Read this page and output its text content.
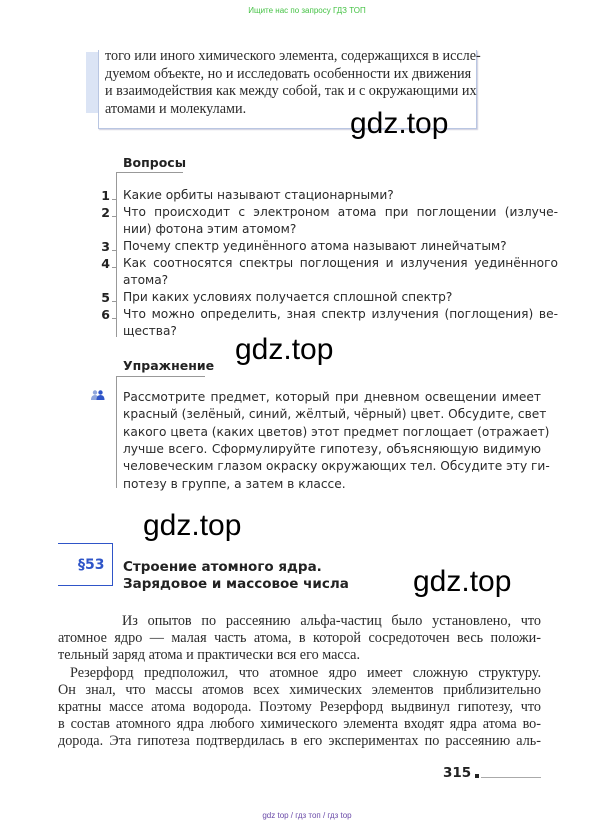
Ищите нас по запросу ГДЗ ТОП
того или иного химического элемента, содержащихся в иссле-
дуемом объекте, но и исследовать особенности их движения
и взаимодействия как между собой, так и с окружающими их
атомами и молекулами.	gdz.top
Вопросы
1 Какие орбиты называют стационарными?
2 Что происходит с электроном атома при поглощении (излуче-
нии) фотона этим атомом?
3 Почему спектр уединённого атома называют линейчатым?
4 Как соотносятся спектры поглощения и излучения уединённого
атома?
5 При каких условиях получается сплошной спектр?
6 Что можно определить, зная спектр излучения (поглощения) ве-
щества?
gdz.top
Упражнение
Рассмотрите предмет, который при дневном освещении имеет
красный (зелёный, синий, жёлтый, чёрный) цвет. Обсудите, свет
какого цвета (каких цветов) этот предмет поглощает (отражает)
лучше всего. Сформулируйте гипотезу, объясняющую видимую
человеческим глазом окраску окружающих тел. Обсудите эту ги-
потезу в группе, а затем в классе.
gdz.top
§53 Строение атомного ядра.
Зарядовое и массовое числа gdz.top
Из опытов по рассеянию альфа-частиц было установлено, что
атомное ядро — малая часть атома, в которой сосредоточен весь положи-
тельный заряд атома и практически вся его масса.
Резерфорд предположил, что атомное ядро имеет сложную структуру.
Он знал, что массы атомов всех химических элементов приблизительно
кратны массе атома водорода. Поэтому Резерфорд выдвинул гипотезу, что
в состав атомного ядра любого химического элемента входят ядра атома во-
дорода. Эта гипотеза подтвердилась в его экспериментах по рассеянию аль-
315
gdz top / гдз топ / гдз top
